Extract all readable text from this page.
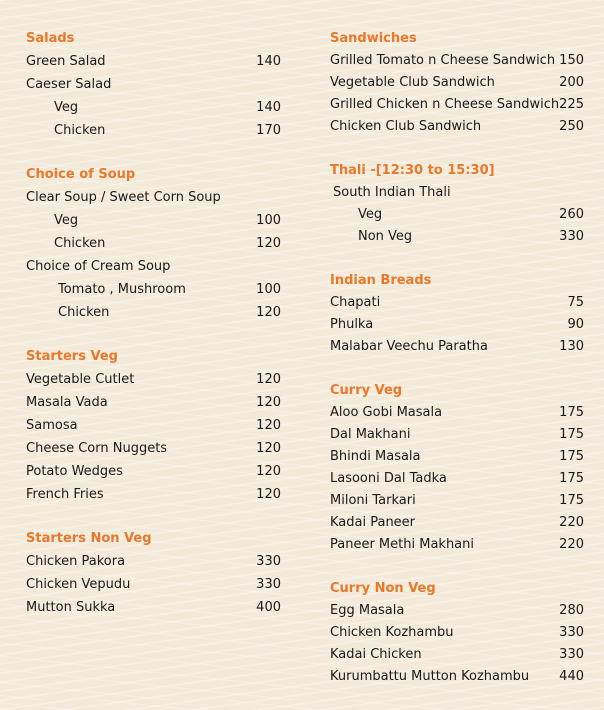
Salads
Green Salad	140
Caeser Salad
Veg	140
Chicken	170
Choice of Soup
Clear Soup / Sweet Corn Soup
Veg	100
Chicken	120
Choice of Cream Soup
Tomato , Mushroom	100
Chicken	120
Starters Veg
Vegetable Cutlet	120
Masala Vada	120
Samosa	120
Cheese Corn Nuggets	120
Potato Wedges	120
French Fries	120
Starters Non Veg
Chicken Pakora	330
Chicken Vepudu	330
Mutton Sukka	400
Sandwiches
Grilled Tomato n Cheese Sandwich 150
Vegetable Club Sandwich	200
Grilled Chicken n Cheese Sandwich 225
Chicken Club Sandwich	250
Thali -[12:30 to 15:30]
South Indian Thali
Veg	260
Non Veg	330
Indian Breads
Chapati	75
Phulka	90
Malabar Veechu Paratha	130
Curry Veg
Aloo Gobi Masala	175
Dal Makhani	175
Bhindi Masala	175
Lasooni Dal Tadka	175
Miloni Tarkari	175
Kadai Paneer	220
Paneer Methi Makhani	220
Curry Non Veg
Egg Masala	280
Chicken Kozhambu	330
Kadai Chicken	330
Kurumbattu Mutton Kozhambu 440
